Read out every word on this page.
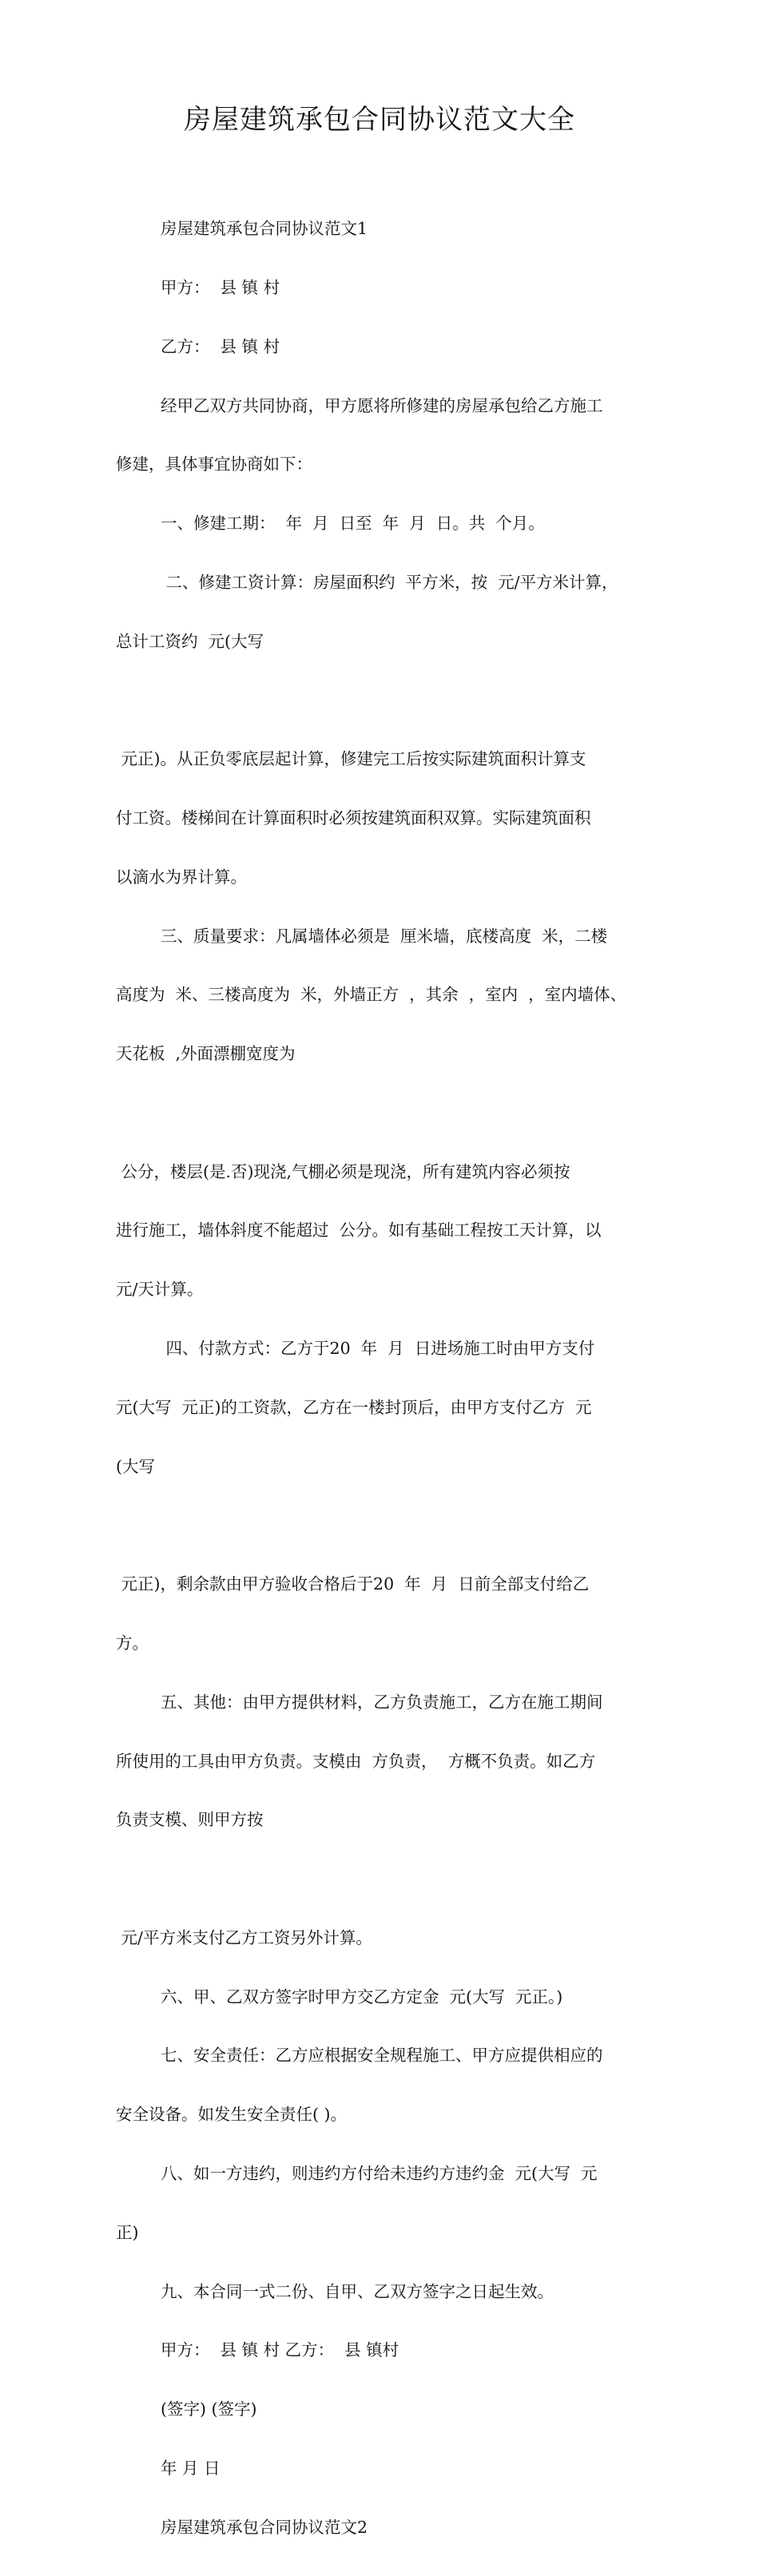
房屋建筑承包合同协议范文大全

房屋建筑承包合同协议范文1

甲方：  县 镇 村

乙方：  县 镇 村

经甲乙双方共同协商，甲方愿将所修建的房屋承包给乙方施工

修建，具体事宜协商如下：

一、修建工期：  年  月  日至  年  月  日。共  个月。

二、修建工资计算：房屋面积约  平方米，按  元/平方米计算，

总计工资约  元(大写

元正)。从正负零底层起计算，修建完工后按实际建筑面积计算支

付工资。楼梯间在计算面积时必须按建筑面积双算。实际建筑面积

以滴水为界计算。

三、质量要求：凡属墙体必须是  厘米墙，底楼高度  米，二楼

高度为  米、三楼高度为  米，外墙正方  ，其余  ，室内  ，室内墙体、

天花板  ,外面漂棚宽度为

公分，楼层(是.否)现浇,气棚必须是现浇，所有建筑内容必须按

进行施工，墙体斜度不能超过  公分。如有基础工程按工天计算，以

元/天计算。

四、付款方式：乙方于20  年  月  日进场施工时由甲方支付

元(大写  元正)的工资款，乙方在一楼封顶后，由甲方支付乙方  元

(大写

元正)，剩余款由甲方验收合格后于20  年  月  日前全部支付给乙

方。

五、其他：由甲方提供材料，乙方负责施工，乙方在施工期间

所使用的工具由甲方负责。支模由  方负责，  方概不负责。如乙方

负责支模、则甲方按

元/平方米支付乙方工资另外计算。

六、甲、乙双方签字时甲方交乙方定金  元(大写  元正。)

七、安全责任：乙方应根据安全规程施工、甲方应提供相应的

安全设备。如发生安全责任( )。

八、如一方违约，则违约方付给未违约方违约金  元(大写  元

正)

九、本合同一式二份、自甲、乙双方签字之日起生效。

甲方：  县 镇 村 乙方：  县 镇村

(签字) (签字)

年 月 日

房屋建筑承包合同协议范文2
